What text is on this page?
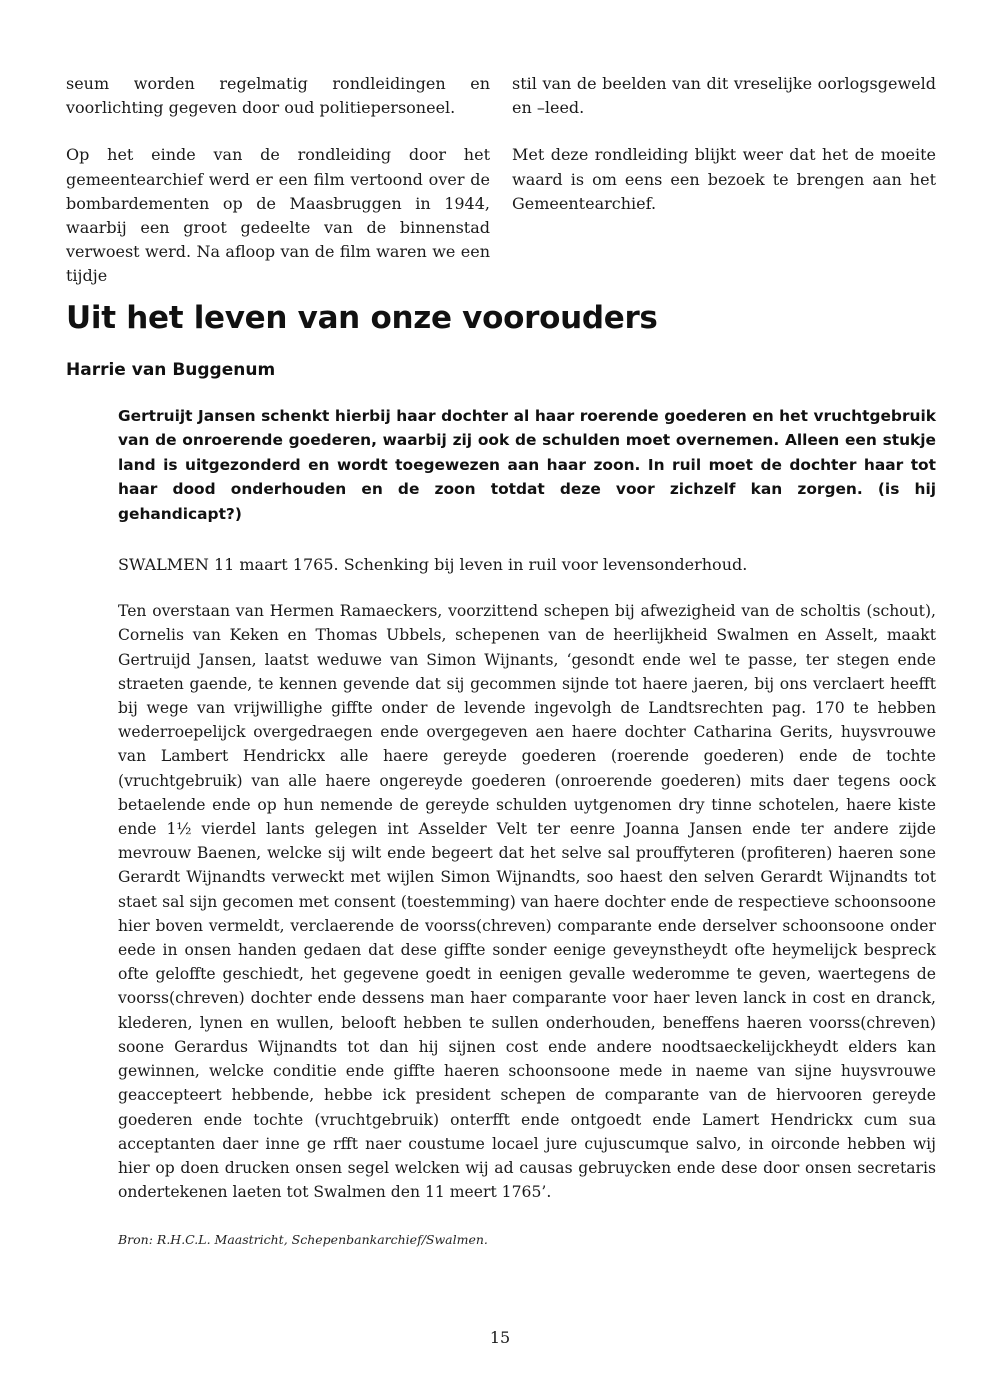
seum worden regelmatig rondleidingen en voorlichting gegeven door oud politiepersoneel.

Op het einde van de rondleiding door het gemeentearchief werd er een film vertoond over de bombardementen op de Maasbruggen in 1944, waarbij een groot gedeelte van de binnenstad verwoest werd. Na afloop van de film waren we een tijdje

stil van de beelden van dit vreselijke oorlogsgeweld en –leed.

Met deze rondleiding blijkt weer dat het de moeite waard is om eens een bezoek te brengen aan het Gemeentearchief.

Uit het leven van onze voorouders
Harrie van Buggenum

Gertruijt Jansen schenkt hierbij haar dochter al haar roerende goederen en het vruchtgebruik van de onroerende goederen, waarbij zij ook de schulden moet overnemen. Alleen een stukje land is uitgezonderd en wordt toegewezen aan haar zoon. In ruil moet de dochter haar tot haar dood onderhouden en de zoon totdat deze voor zichzelf kan zorgen. (is hij gehandicapt?)

SWALMEN 11 maart 1765. Schenking bij leven in ruil voor levensonderhoud.

Ten overstaan van Hermen Ramaeckers, voorzittend schepen bij afwezigheid van de scholtis (schout), Cornelis van Keken en Thomas Ubbels, schepenen van de heerlijkheid Swalmen en Asselt, maakt Gertruijd Jansen, laatst weduwe van Simon Wijnants, ‘gesondt ende wel te passe, ter stegen ende straeten gaende, te kennen gevende dat sij gecommen sijnde tot haere jaeren, bij ons verclaert heefft bij wege van vrijwillighe giffte onder de levende ingevolgh de Landtsrechten pag. 170 te hebben wederroepelijck overgedraegen ende overgegeven aen haere dochter Catharina Gerits, huysvrouwe van Lambert Hendrickx alle haere gereyde goederen (roerende goederen) ende de tochte (vruchtgebruik) van alle haere ongereyde goederen (onroerende goederen) mits daer tegens oock betaelende ende op hun nemende de gereyde schulden uytgenomen dry tinne schotelen, haere kiste ende 1½ vierdel lants gelegen int Asselder Velt ter eenre Joanna Jansen ende ter andere zijde mevrouw Baenen, welcke sij wilt ende begeert dat het selve sal prouffyteren (profiteren) haeren sone Gerardt Wijnandts verweckt met wijlen Simon Wijnandts, soo haest den selven Gerardt Wijnandts tot staet sal sijn gecomen met consent (toestemming) van haere dochter ende de respectieve schoonsoone hier boven vermeldt, verclaerende de voorss(chreven) comparante ende derselver schoonsoone onder eede in onsen handen gedaen dat dese giffte sonder eenige geveynstheydt ofte heymelijck bespreck ofte geloffte geschiedt, het gegevene goedt in eenigen gevalle wederomme te geven, waertegens de voorss(chreven) dochter ende dessens man haer comparante voor haer leven lanck in cost en dranck, klederen, lynen en wullen, belooft hebben te sullen onderhouden, beneffens haeren voorss(chreven) soone Gerardus Wijnandts tot dan hij sijnen cost ende andere noodtsaeckelijckheydt elders kan gewinnen, welcke conditie ende giffte haeren schoonsoone mede in naeme van sijne huysvrouwe geaccepteert hebbende, hebbe ick president schepen de comparante van de hiervooren gereyde goederen ende tochte (vruchtgebruik) onterfft ende ontgoedt ende Lamert Hendrickx cum sua acceptanten daer inne ge rfft naer coustume locael jure cujuscumque salvo, in oirconde hebben wij hier op doen drucken onsen segel welcken wij ad causas gebruycken ende dese door onsen secretaris ondertekenen laeten tot Swalmen den 11 meert 1765’.

Bron: R.H.C.L. Maastricht, Schepenbankarchief/Swalmen.

15
